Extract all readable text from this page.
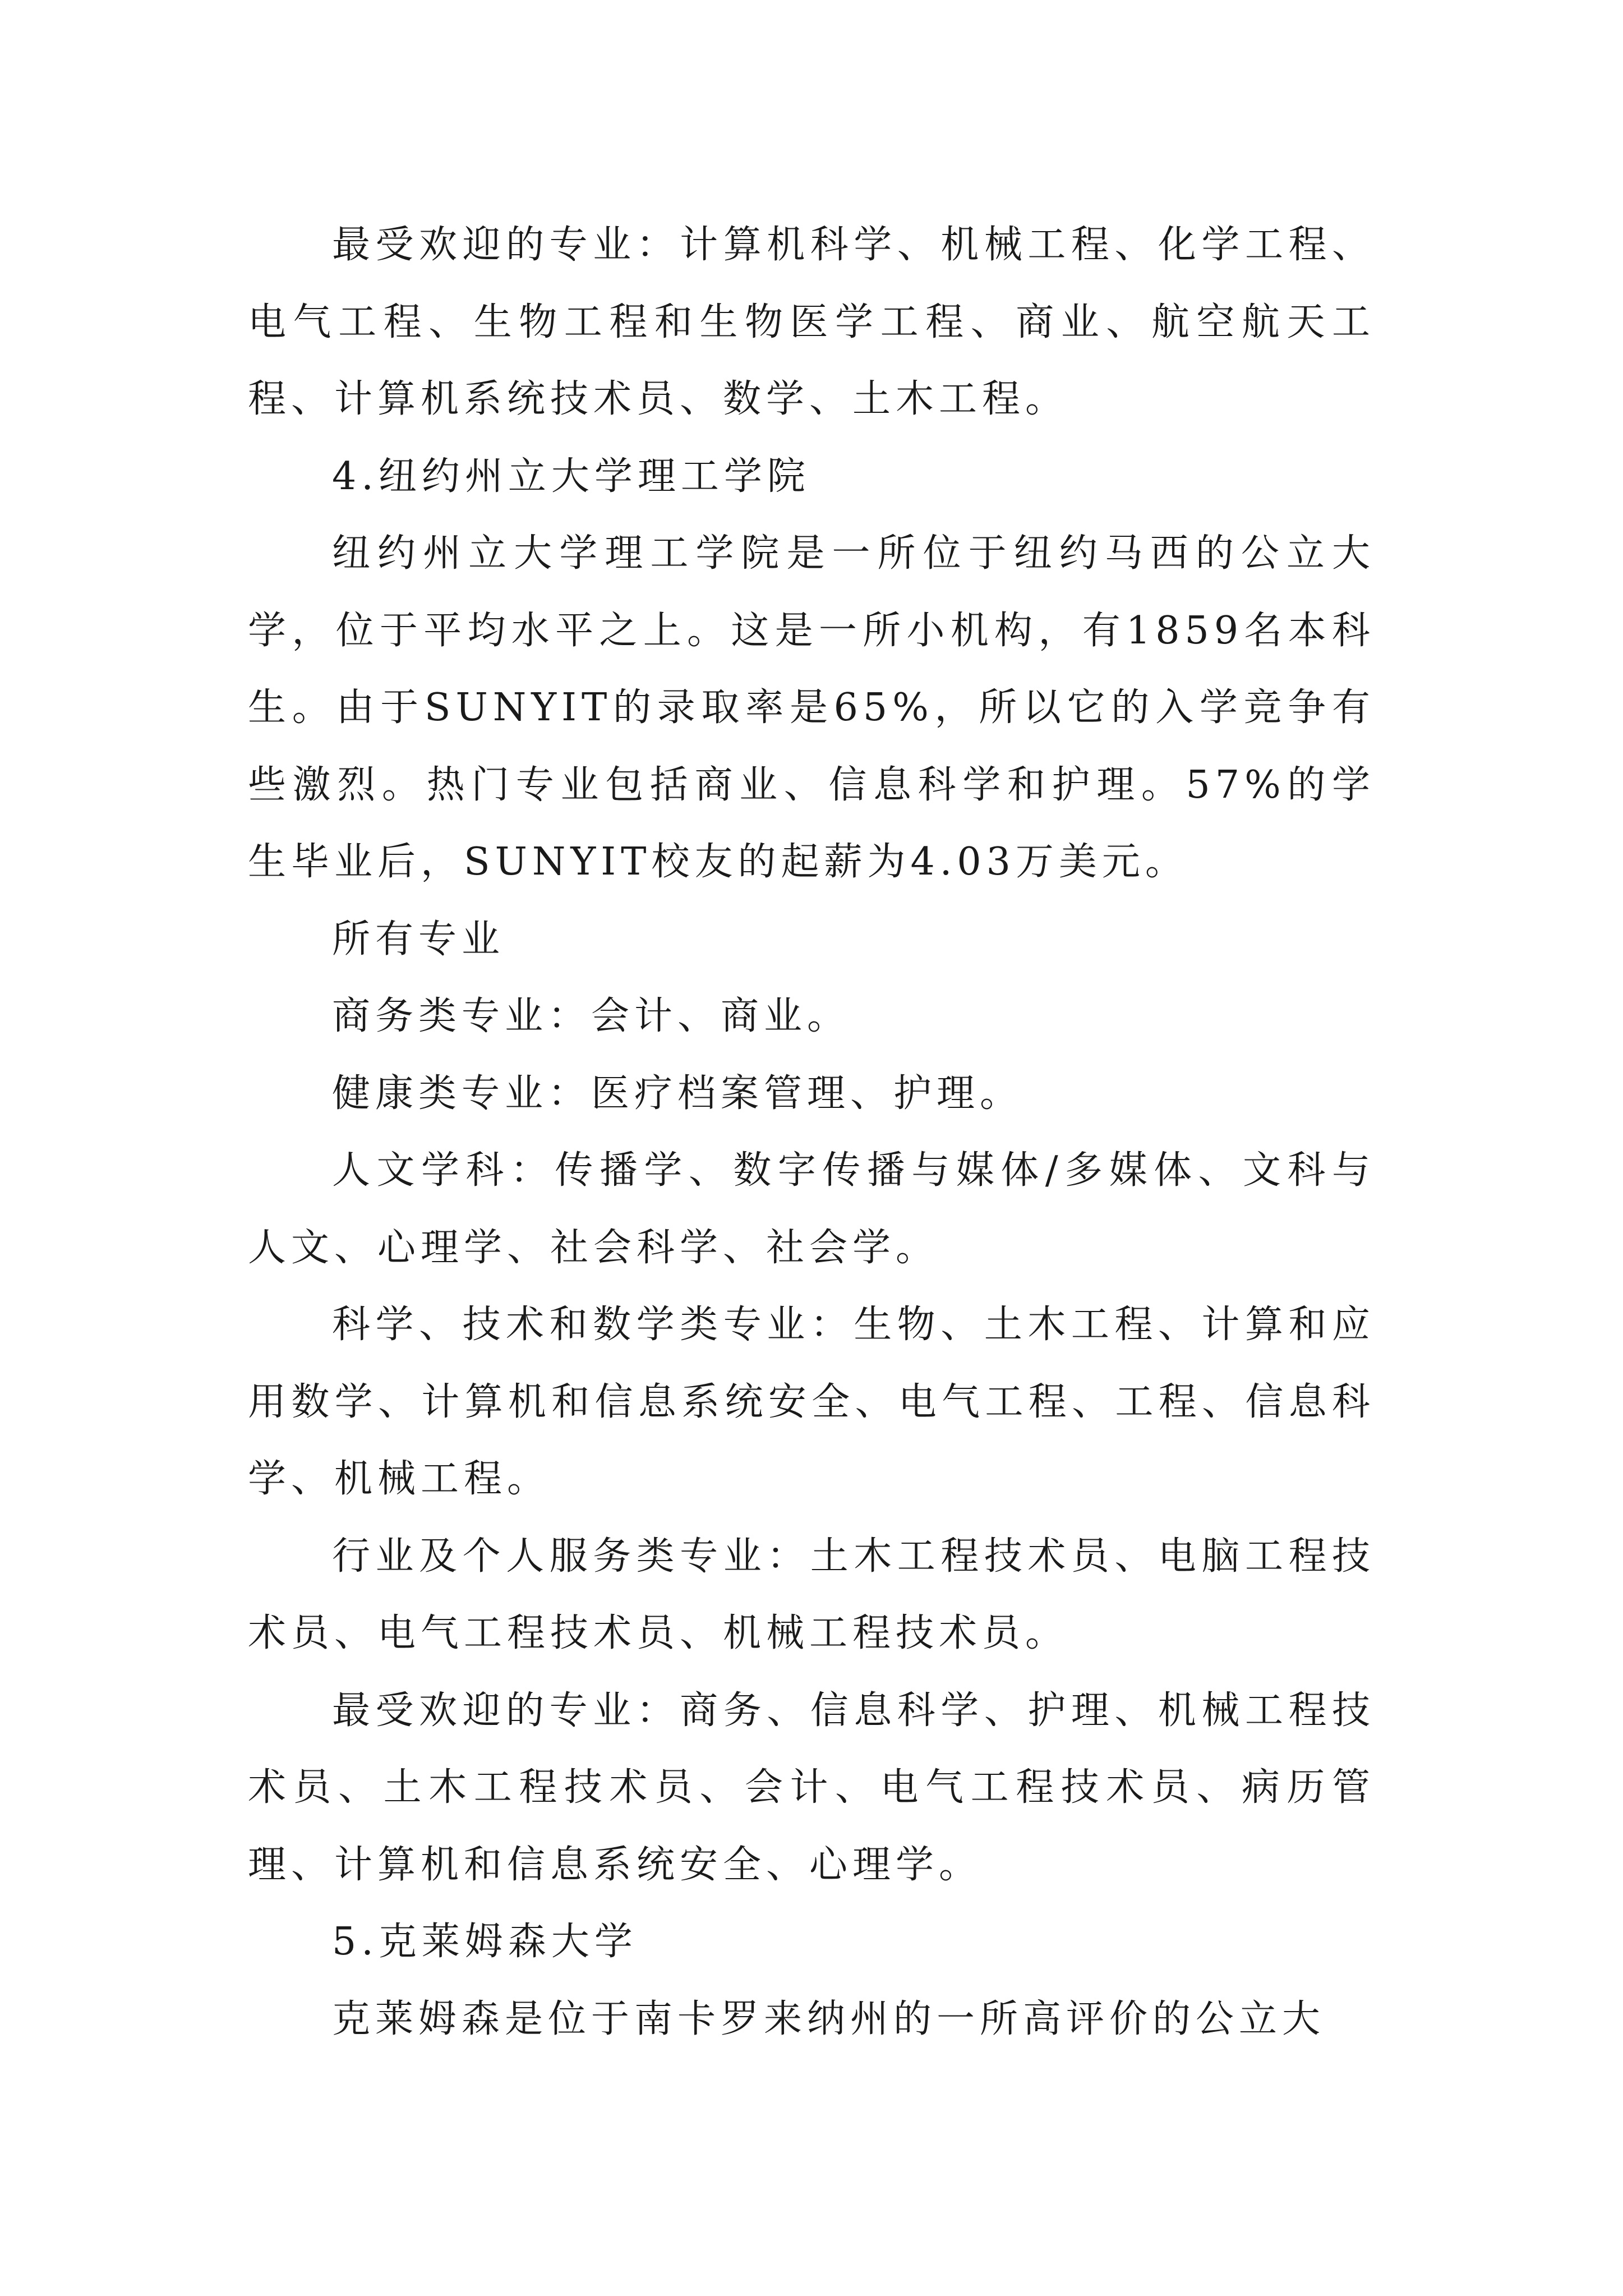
最受欢迎的专业：计算机科学、机械工程、化学工程、电气工程、生物工程和生物医学工程、商业、航空航天工程、计算机系统技术员、数学、土木工程。

4.纽约州立大学理工学院

纽约州立大学理工学院是一所位于纽约马西的公立大学，位于平均水平之上。这是一所小机构，有1859名本科生。由于SUNYIT的录取率是65%，所以它的入学竞争有些激烈。热门专业包括商业、信息科学和护理。57%的学生毕业后，SUNYIT校友的起薪为4.03万美元。

所有专业

商务类专业：会计、商业。

健康类专业：医疗档案管理、护理。

人文学科：传播学、数字传播与媒体/多媒体、文科与人文、心理学、社会科学、社会学。

科学、技术和数学类专业：生物、土木工程、计算和应用数学、计算机和信息系统安全、电气工程、工程、信息科学、机械工程。

行业及个人服务类专业：土木工程技术员、电脑工程技术员、电气工程技术员、机械工程技术员。

最受欢迎的专业：商务、信息科学、护理、机械工程技术员、土木工程技术员、会计、电气工程技术员、病历管理、计算机和信息系统安全、心理学。

5.克莱姆森大学

克莱姆森是位于南卡罗来纳州的一所高评价的公立大
